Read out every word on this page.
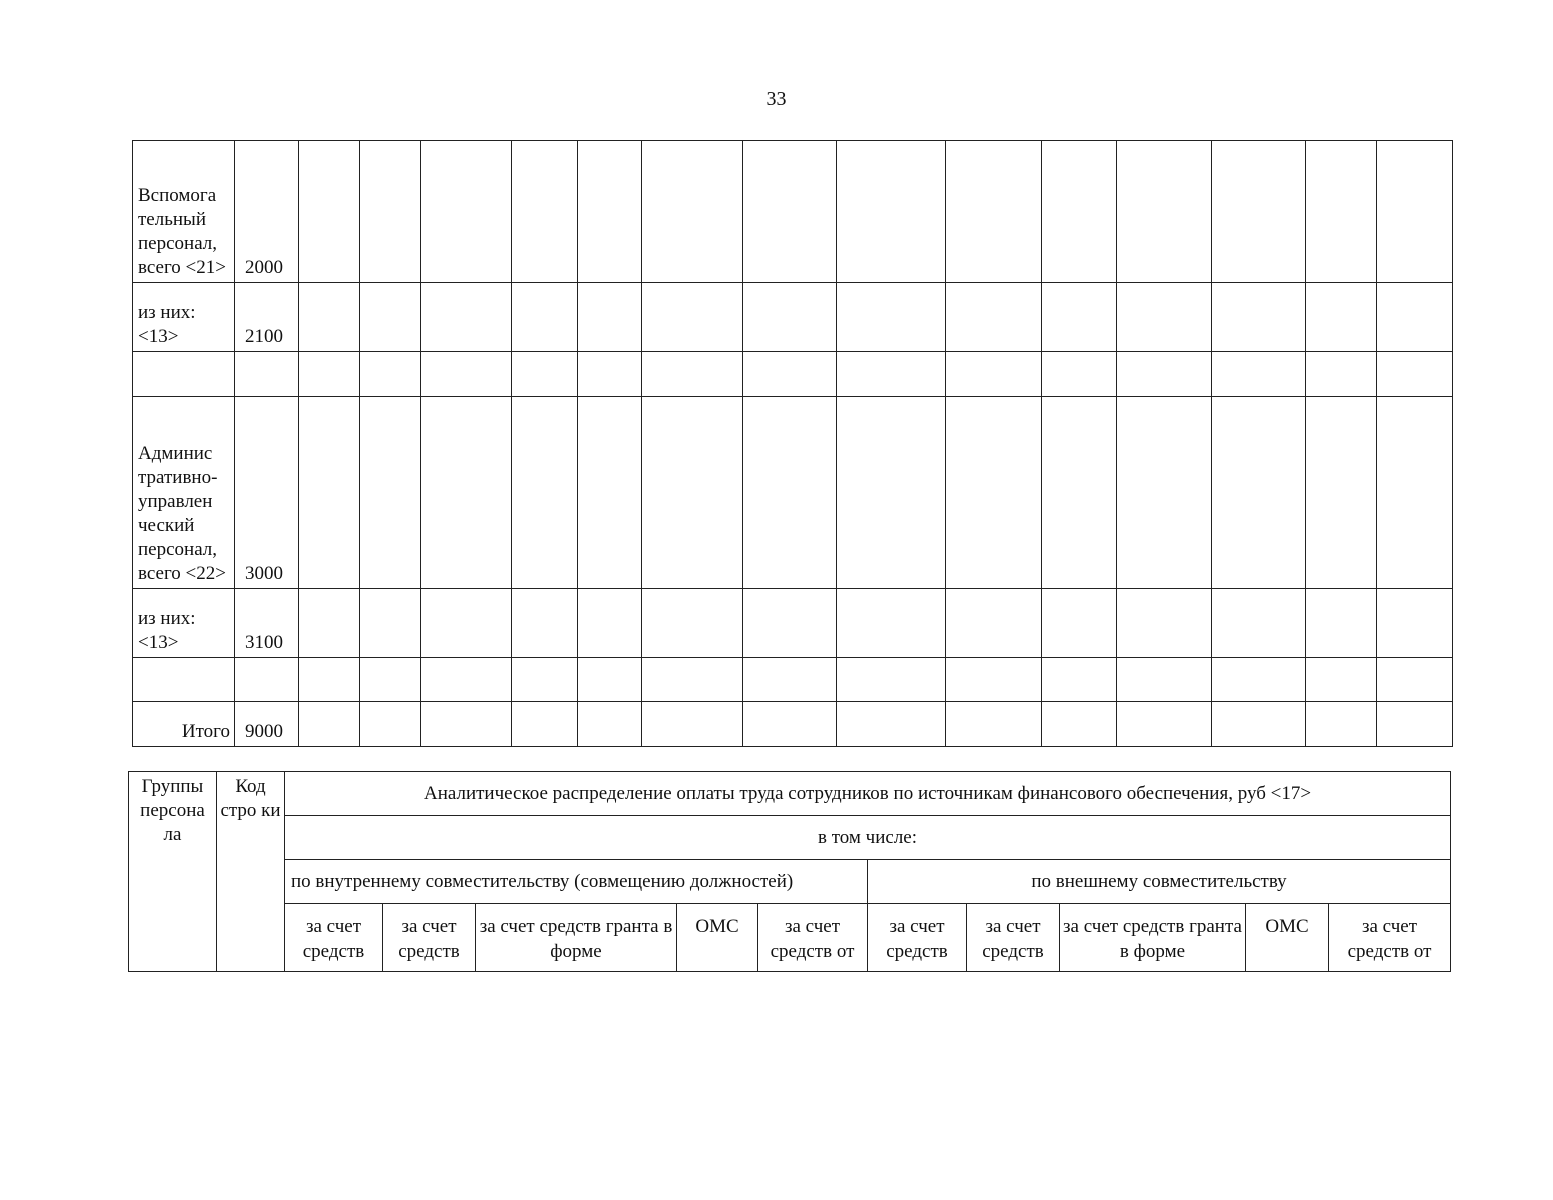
33
Вспомога тельный персонал, всего <21>	2000														
из них: <13>	2100														

Админис тративно-управлен ческий персонал, всего <22>	3000														
из них: <13>	3100														

Итого	9000														
Группы персона ла	Код стро ки	Аналитическое распределение оплаты труда сотрудников по источникам финансового обеспечения, руб <17>									
		в том числе:									
		по внутреннему совместительству (совмещению должностей)					по внешнему совместительству				
		за счет средств	за счет средств	за счет средств гранта в форме	ОМС	за счет средств от	за счет средств	за счет средств	за счет средств гранта в форме	ОМС	за счет средств от
